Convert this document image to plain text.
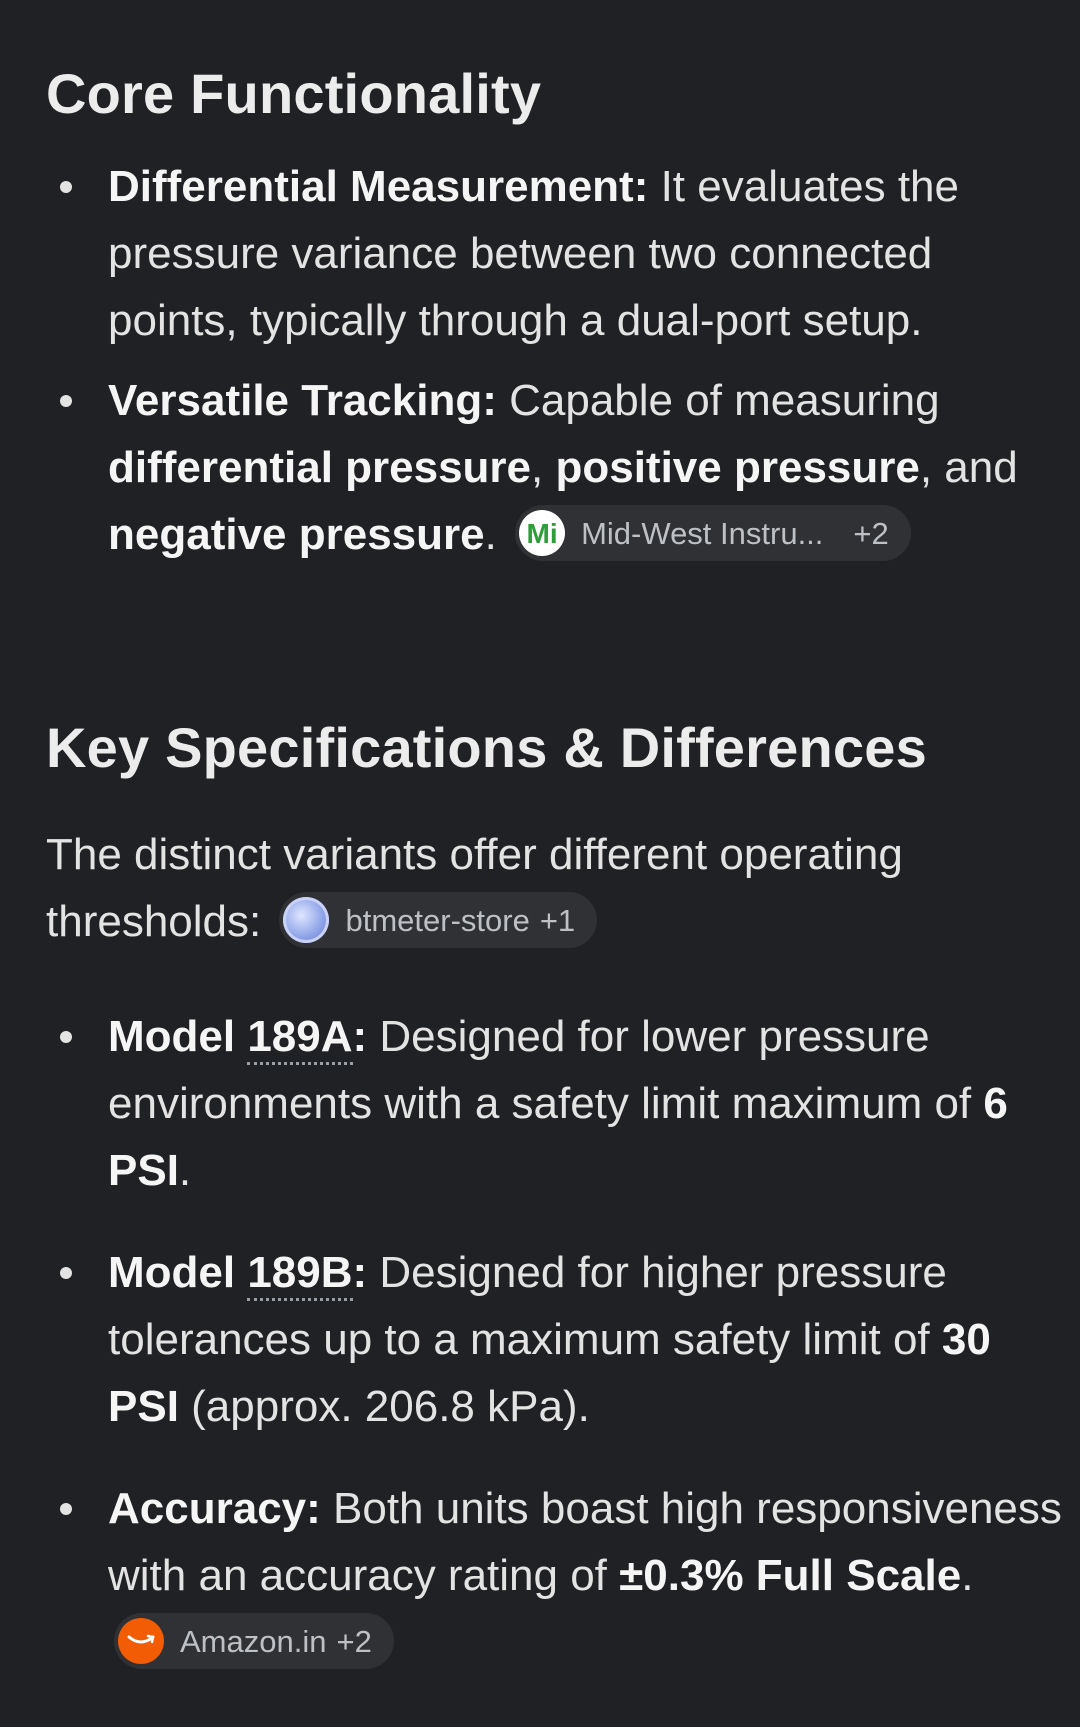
Core Functionality
Differential Measurement: It evaluates the pressure variance between two connected points, typically through a dual-port setup.
Versatile Tracking: Capable of measuring differential pressure, positive pressure, and negative pressure. Mi Mid-West Instru... +2
Key Specifications & Differences

The distinct variants offer different operating thresholds:	btmeter-store +1

Model 189A: Designed for lower pressure environments with a safety limit maximum of 6 PSI.
Model 189B: Designed for higher pressure tolerances up to a maximum safety limit of 30 PSI (approx. 206.8 kPa).
Accuracy: Both units boast high responsiveness with an accuracy rating of ±0.3% Full Scale.
Amazon.in +2
